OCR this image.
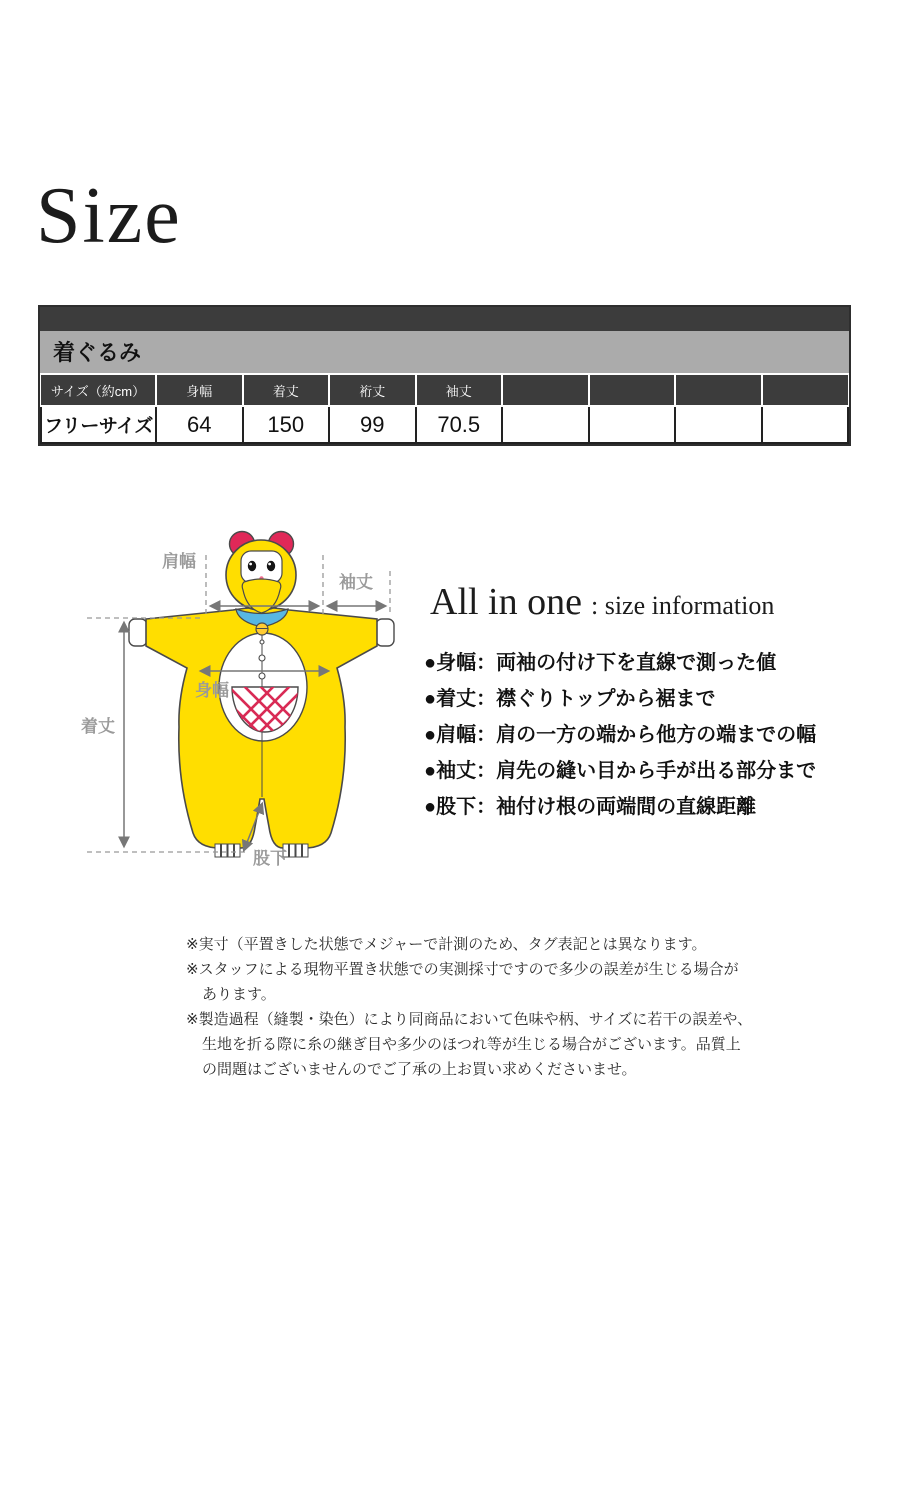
Size
着ぐるみ
サイズ（約cm）	身幅	着丈	裄丈	袖丈				
フリーサイズ	64	150	99	70.5				
肩幅
袖丈
身幅
着丈
股下
All in one : size information
●身幅：両袖の付け下を直線で測った値
●着丈：襟ぐりトップから裾まで
●肩幅：肩の一方の端から他方の端までの幅
●袖丈：肩先の縫い目から手が出る部分まで
●股下：袖付け根の両端間の直線距離
※実寸（平置きした状態でメジャーで計測のため、タグ表記とは異なります。
※スタッフによる現物平置き状態での実測採寸ですので多少の誤差が生じる場合が
あります。
※製造過程（縫製・染色）により同商品において色味や柄、サイズに若干の誤差や、
生地を折る際に糸の継ぎ目や多少のほつれ等が生じる場合がございます。品質上
の問題はございませんのでご了承の上お買い求めくださいませ。
